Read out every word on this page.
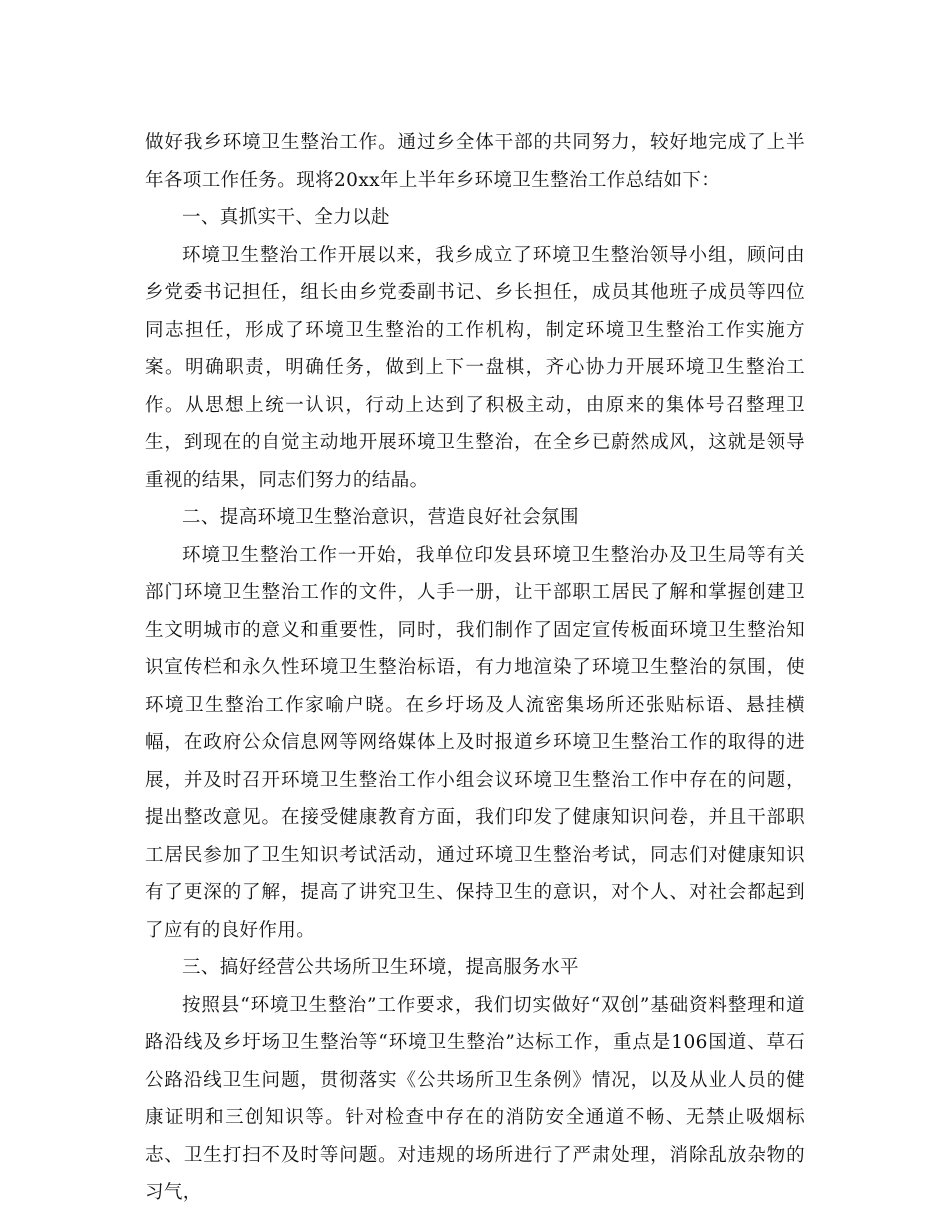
做好我乡环境卫生整治工作。通过乡全体干部的共同努力，较好地完成了上半年各项工作任务。现将20xx年上半年乡环境卫生整治工作总结如下：

一、真抓实干、全力以赴

环境卫生整治工作开展以来，我乡成立了环境卫生整治领导小组，顾问由乡党委书记担任，组长由乡党委副书记、乡长担任，成员其他班子成员等四位同志担任，形成了环境卫生整治的工作机构，制定环境卫生整治工作实施方案。明确职责，明确任务，做到上下一盘棋，齐心协力开展环境卫生整治工作。从思想上统一认识，行动上达到了积极主动，由原来的集体号召整理卫生，到现在的自觉主动地开展环境卫生整治，在全乡已蔚然成风，这就是领导重视的结果，同志们努力的结晶。

二、提高环境卫生整治意识，营造良好社会氛围

环境卫生整治工作一开始，我单位印发县环境卫生整治办及卫生局等有关部门环境卫生整治工作的文件，人手一册，让干部职工居民了解和掌握创建卫生文明城市的意义和重要性，同时，我们制作了固定宣传板面环境卫生整治知识宣传栏和永久性环境卫生整治标语，有力地渲染了环境卫生整治的氛围，使环境卫生整治工作家喻户晓。在乡圩场及人流密集场所还张贴标语、悬挂横幅，在政府公众信息网等网络媒体上及时报道乡环境卫生整治工作的取得的进展，并及时召开环境卫生整治工作小组会议环境卫生整治工作中存在的问题，提出整改意见。在接受健康教育方面，我们印发了健康知识问卷，并且干部职工居民参加了卫生知识考试活动，通过环境卫生整治考试，同志们对健康知识有了更深的了解，提高了讲究卫生、保持卫生的意识，对个人、对社会都起到了应有的良好作用。

三、搞好经营公共场所卫生环境，提高服务水平

按照县“环境卫生整治”工作要求，我们切实做好“双创”基础资料整理和道路沿线及乡圩场卫生整治等“环境卫生整治”达标工作，重点是106国道、草石公路沿线卫生问题，贯彻落实《公共场所卫生条例》情况，以及从业人员的健康证明和三创知识等。针对检查中存在的消防安全通道不畅、无禁止吸烟标志、卫生打扫不及时等问题。对违规的场所进行了严肃处理，消除乱放杂物的习气，
